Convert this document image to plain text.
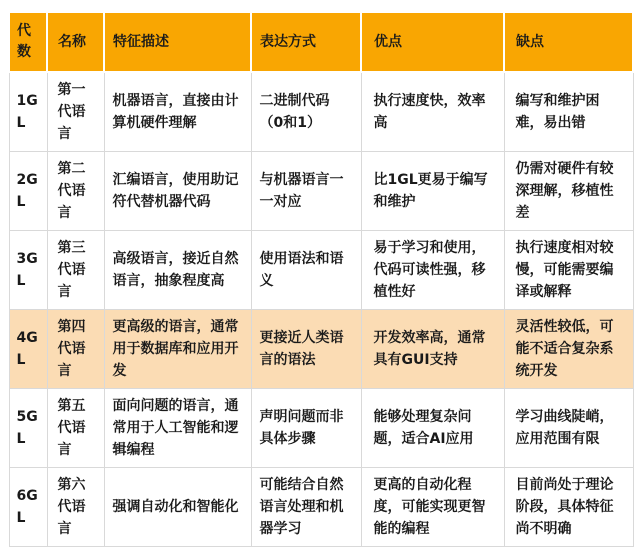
代数	名称	特征描述	表达方式	优点	缺点
1GL	第一代语言	机器语言，直接由计算机硬件理解	二进制代码（0和1）	执行速度快，效率高	编写和维护困难，易出错
2GL	第二代语言	汇编语言，使用助记符代替机器代码	与机器语言一一对应	比1GL更易于编写和维护	仍需对硬件有较深理解，移植性差
3GL	第三代语言	高级语言，接近自然语言，抽象程度高	使用语法和语义	易于学习和使用，代码可读性强，移植性好	执行速度相对较慢，可能需要编译或解释
4GL	第四代语言	更高级的语言，通常用于数据库和应用开发	更接近人类语言的语法	开发效率高，通常具有GUI支持	灵活性较低，可能不适合复杂系统开发
5GL	第五代语言	面向问题的语言，通常用于人工智能和逻辑编程	声明问题而非具体步骤	能够处理复杂问题，适合AI应用	学习曲线陡峭，应用范围有限
6GL	第六代语言	强调自动化和智能化	可能结合自然语言处理和机器学习	更高的自动化程度，可能实现更智能的编程	目前尚处于理论阶段，具体特征尚不明确
